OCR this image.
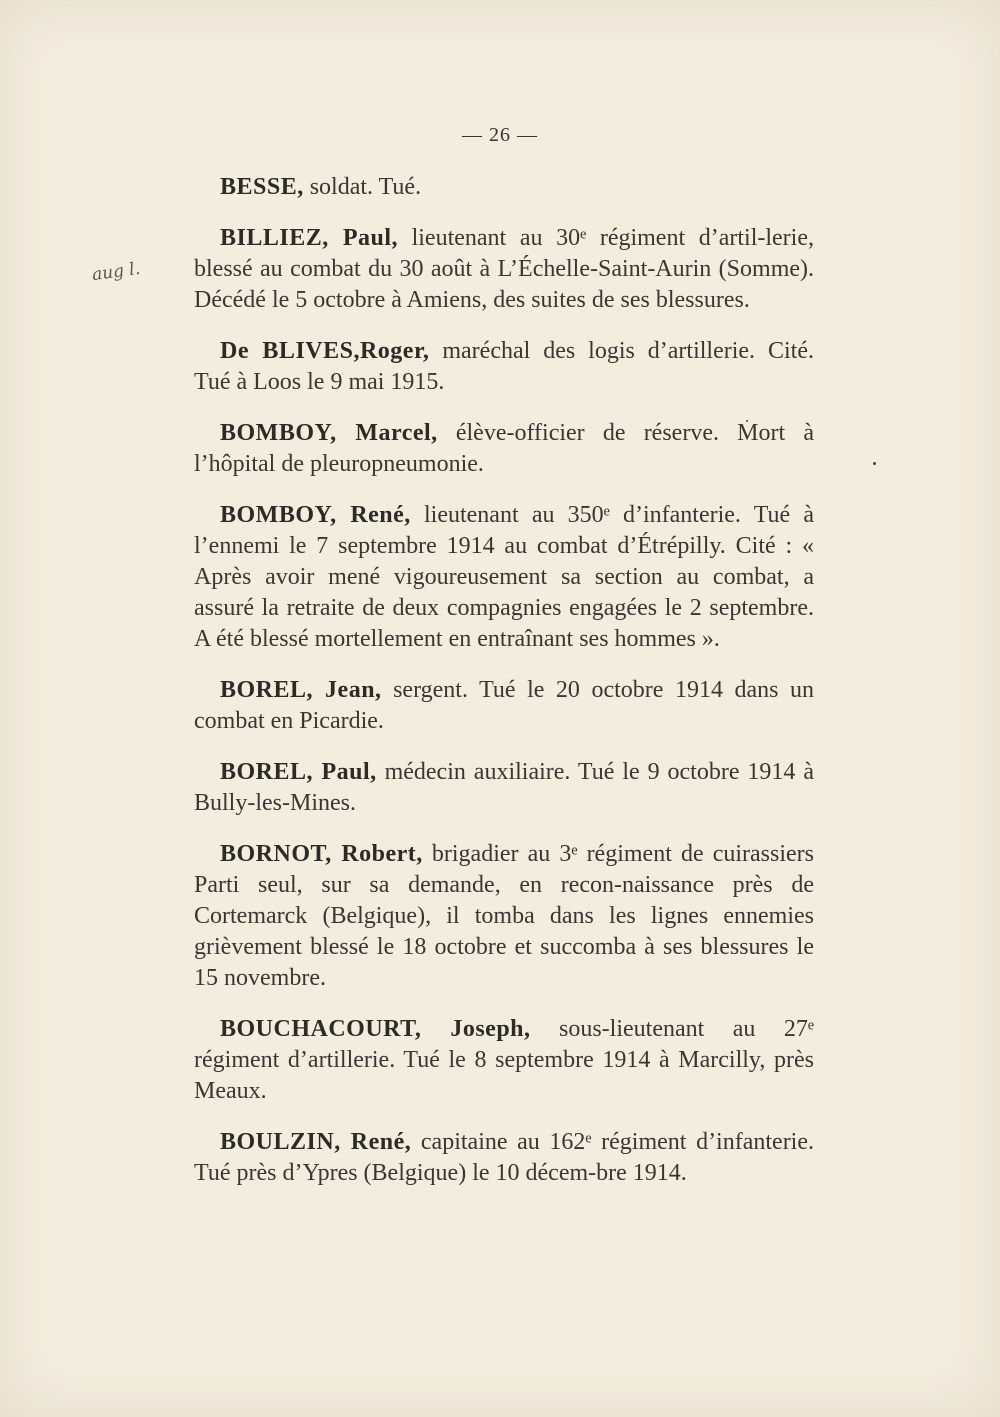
— 26 —
aug l.

BESSE, soldat. Tué.

BILLIEZ, Paul, lieutenant au 30ᵉ régiment d’artil-lerie, blessé au combat du 30 août à L’Échelle-Saint-Aurin (Somme). Décédé le 5 octobre à Amiens, des suites de ses blessures.

De BLIVES,Roger, maréchal des logis d’artillerie. Cité. Tué à Loos le 9 mai 1915.

BOMBOY, Marcel, élève-officier de réserve. Mort à l’hôpital de pleuropneumonie.

BOMBOY, René, lieutenant au 350ᵉ d’infanterie. Tué à l’ennemi le 7 septembre 1914 au combat d’Étrépilly. Cité : « Après avoir mené vigoureusement sa section au combat, a assuré la retraite de deux compagnies engagées le 2 septembre. A été blessé mortellement en entraînant ses hommes ».

BOREL, Jean, sergent. Tué le 20 octobre 1914 dans un combat en Picardie.

BOREL, Paul, médecin auxiliaire. Tué le 9 octobre 1914 à Bully-les-Mines.

BORNOT, Robert, brigadier au 3ᵉ régiment de cuirassiers Parti seul, sur sa demande, en recon-naissance près de Cortemarck (Belgique), il tomba dans les lignes ennemies grièvement blessé le 18 octobre et succomba à ses blessures le 15 novembre.

BOUCHACOURT, Joseph, sous-lieutenant au 27ᵉ régiment d’artillerie. Tué le 8 septembre 1914 à Marcilly, près Meaux.

BOULZIN, René, capitaine au 162ᵉ régiment d’infanterie. Tué près d’Ypres (Belgique) le 10 décem-bre 1914.
